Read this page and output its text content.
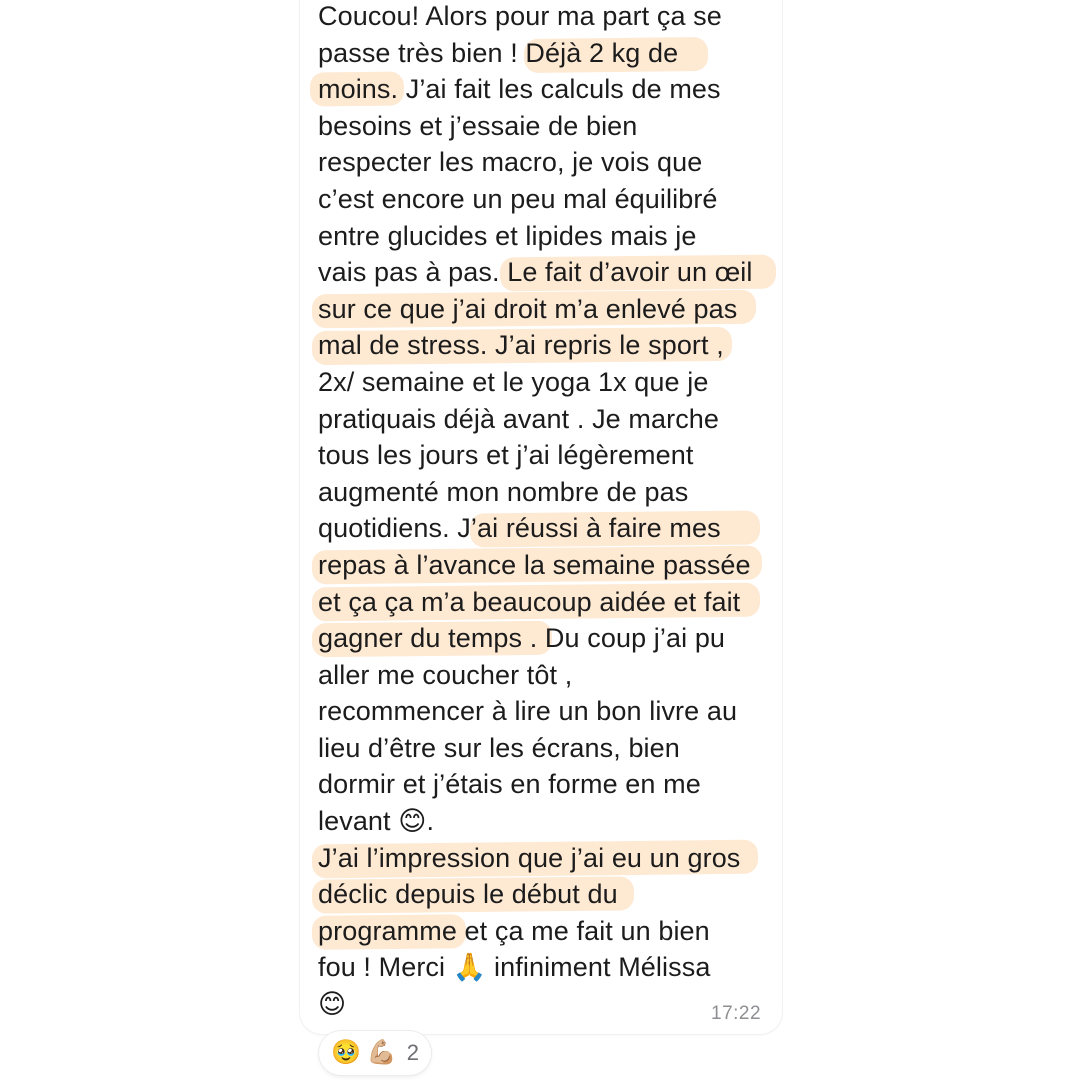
Coucou! Alors pour ma part ça se
passe très bien ! Déjà 2 kg de
moins. J’ai fait les calculs de mes
besoins et j’essaie de bien
respecter les macro, je vois que
c’est encore un peu mal équilibré
entre glucides et lipides mais je
vais pas à pas. Le fait d’avoir un œil
sur ce que j’ai droit m’a enlevé pas
mal de stress. J’ai repris le sport ,
2x/ semaine et le yoga 1x que je
pratiquais déjà avant . Je marche
tous les jours et j’ai légèrement
augmenté mon nombre de pas
quotidiens. J’ai réussi à faire mes
repas à l’avance la semaine passée
et ça ça m’a beaucoup aidée et fait
gagner du temps . Du coup j’ai pu
aller me coucher tôt ,
recommencer à lire un bon livre au
lieu d’être sur les écrans, bien
dormir et j’étais en forme en me
levant 😊.
J’ai l’impression que j’ai eu un gros
déclic depuis le début du
programme et ça me fait un bien
fou ! Merci 🙏 infiniment Mélissa
😊	17:22
🥹 💪🏼 2
